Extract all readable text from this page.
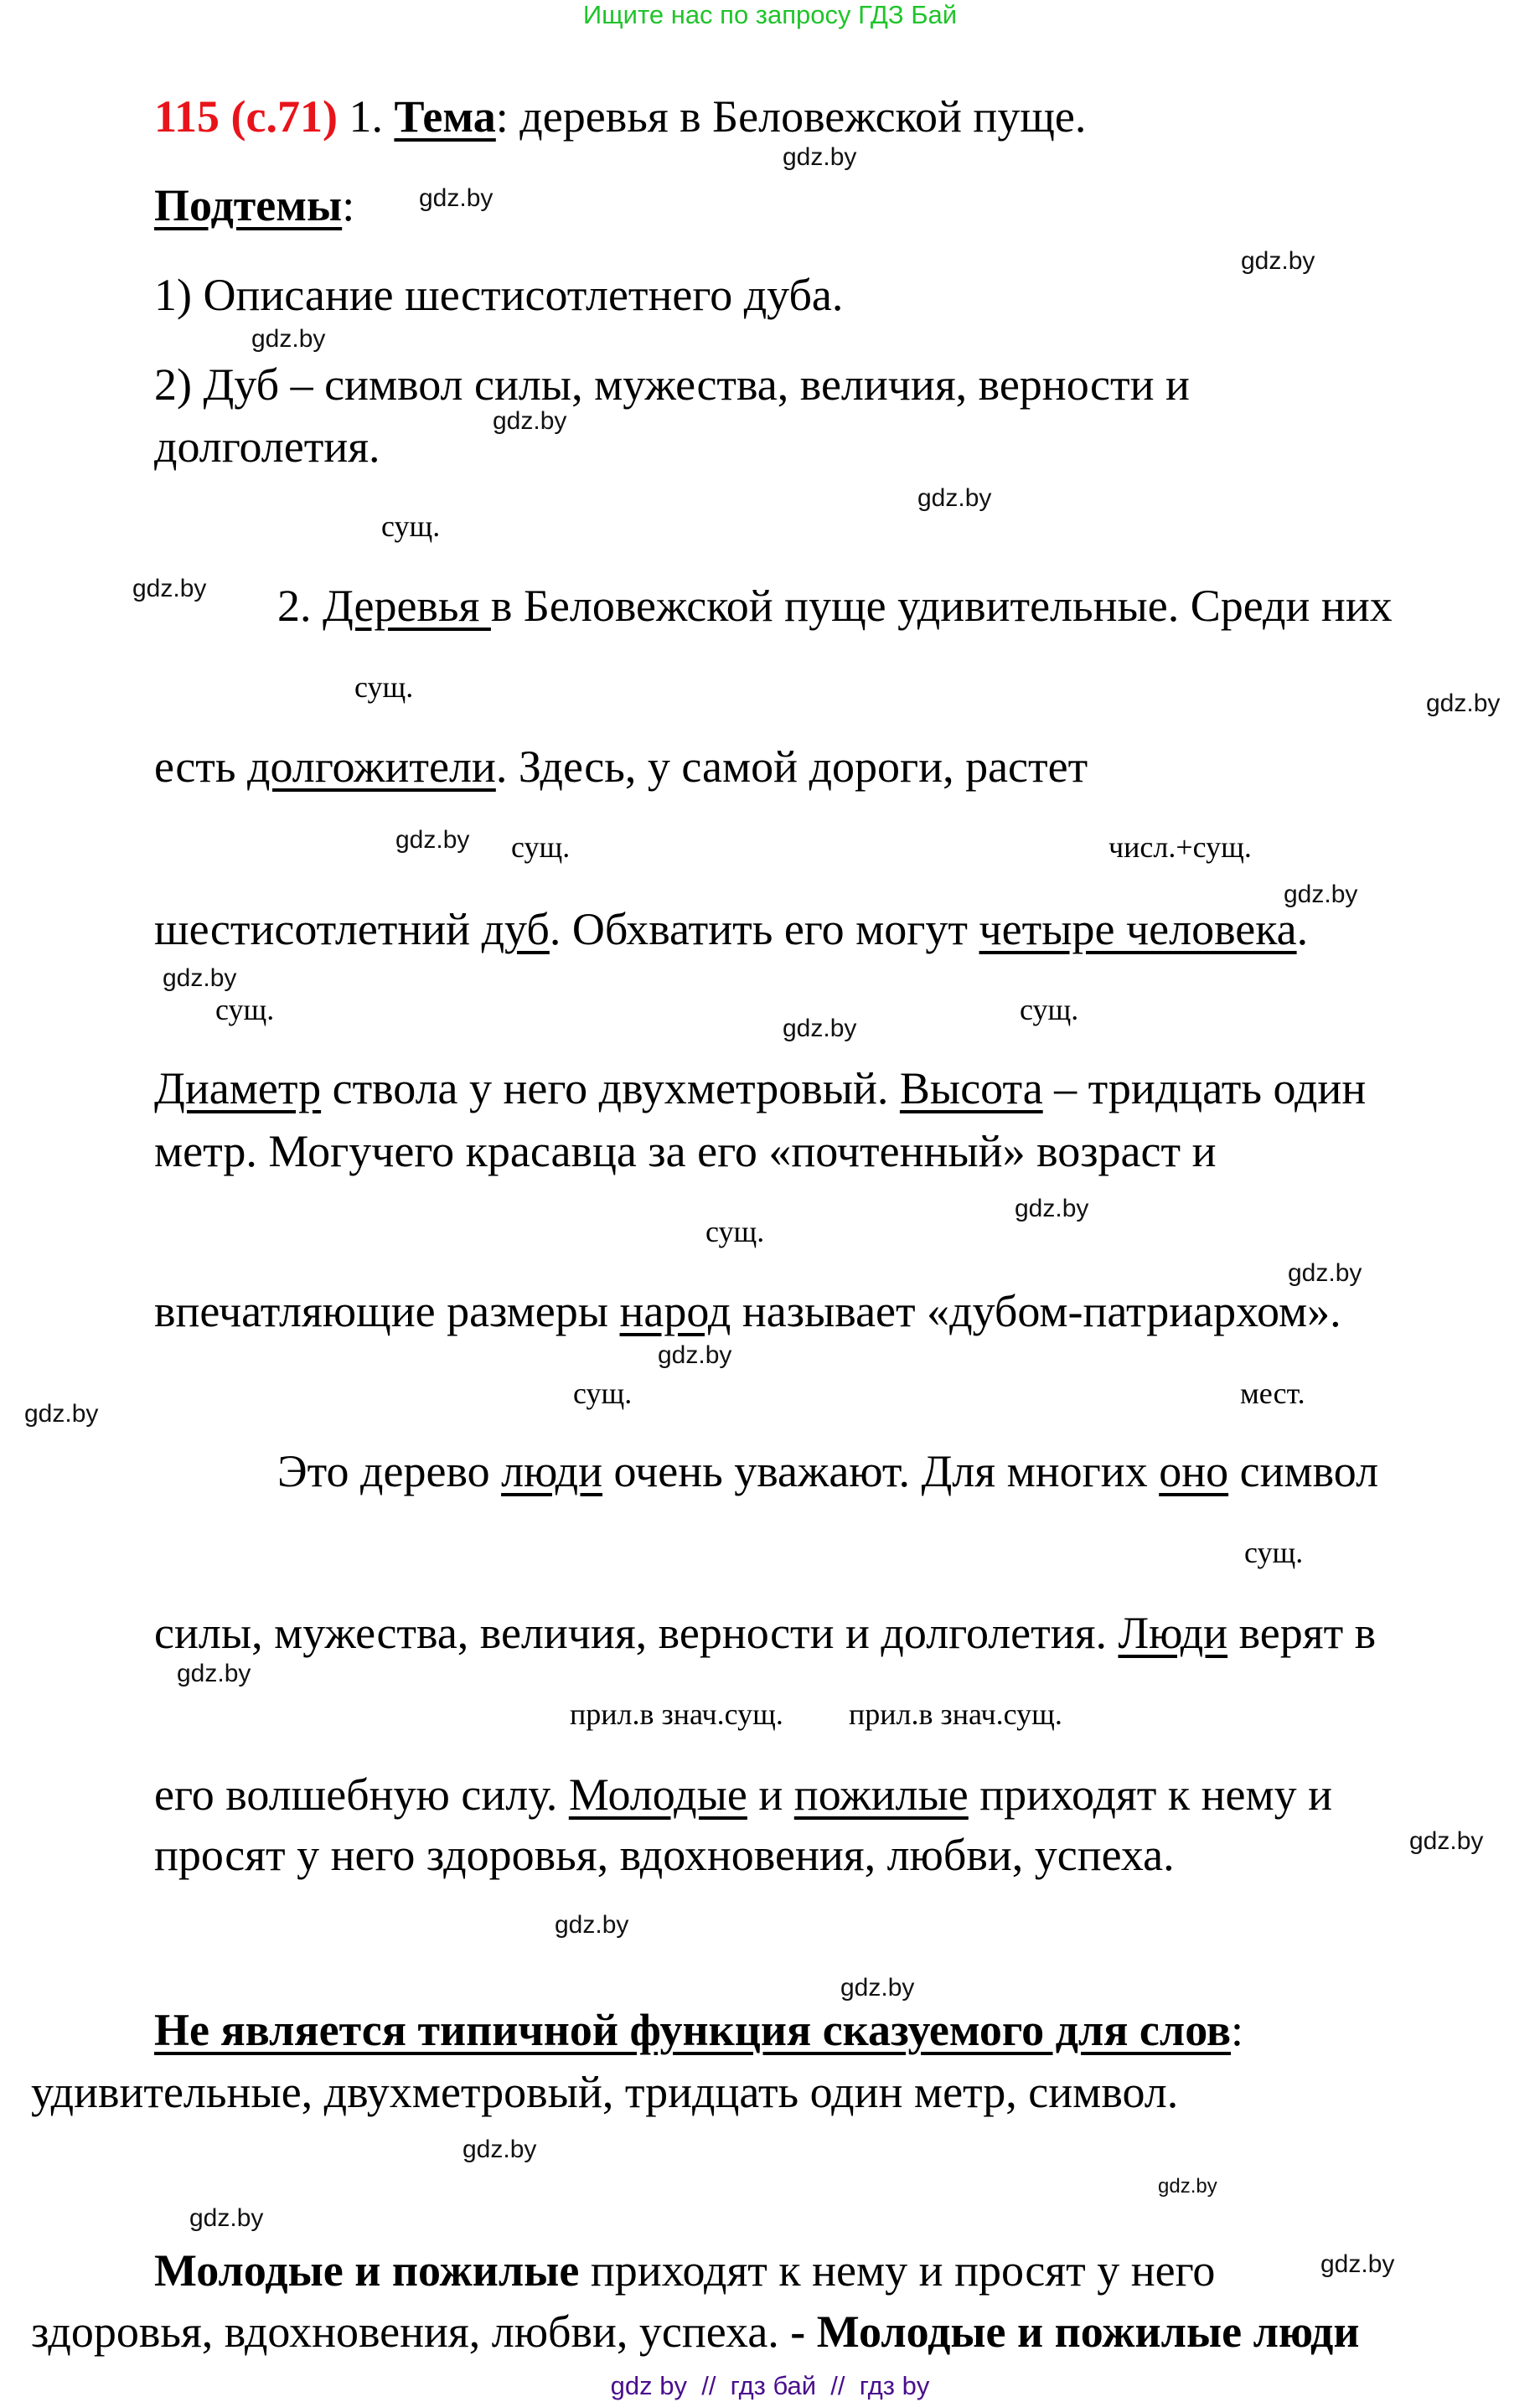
Ищите нас по запросу ГДЗ Бай
115 (с.71) 1. Тема: деревья в Беловежской пуще.
gdz.by
Подтемы:	gdz.by
gdz.by
1) Описание шестисотлетнего дуба.
gdz.by
2) Дуб – символ силы, мужества, величия, верности и
gdz.by
долголетия.
gdz.by
сущ.
gdz.by 2. Деревья в Беловежской пуще удивительные. Среди них
сущ.	gdz.by
есть долгожители. Здесь, у самой дороги, растет
gdz.by сущ.	числ.+сущ.
gdz.by
шестисотлетний дуб. Обхватить его могут четыре человека.
gdz.by
сущ.
gdz.by
сущ.
Диаметр ствола у него двухметровый. Высота – тридцать один
метр. Могучего красавца за его «почтенный» возраст и
gdz.by
сущ.
gdz.by
впечатляющие размеры народ называет «дубом-патриархом».
gdz.by
сущ.	мест.
gdz.by
Это дерево люди очень уважают. Для многих оно символ
сущ.
силы, мужества, величия, верности и долголетия. Люди верят в
gdz.by
прил.в знач.сущ. прил.в знач.сущ.
его волшебную силу. Молодые и пожилые приходят к нему и
gdz.by
просят у него здоровья, вдохновения, любви, успеха.
gdz.by
gdz.by
Не является типичной функция сказуемого для слов:
удивительные, двухметровый, тридцать один метр, символ.
gdz.by
gdz.by
gdz.by
Молодые и пожилые приходят к нему и просят у него	gdz.by
здоровья, вдохновения, любви, успеха. - Молодые и пожилые люди
gdz by  //  гдз бай  //  гдз by
